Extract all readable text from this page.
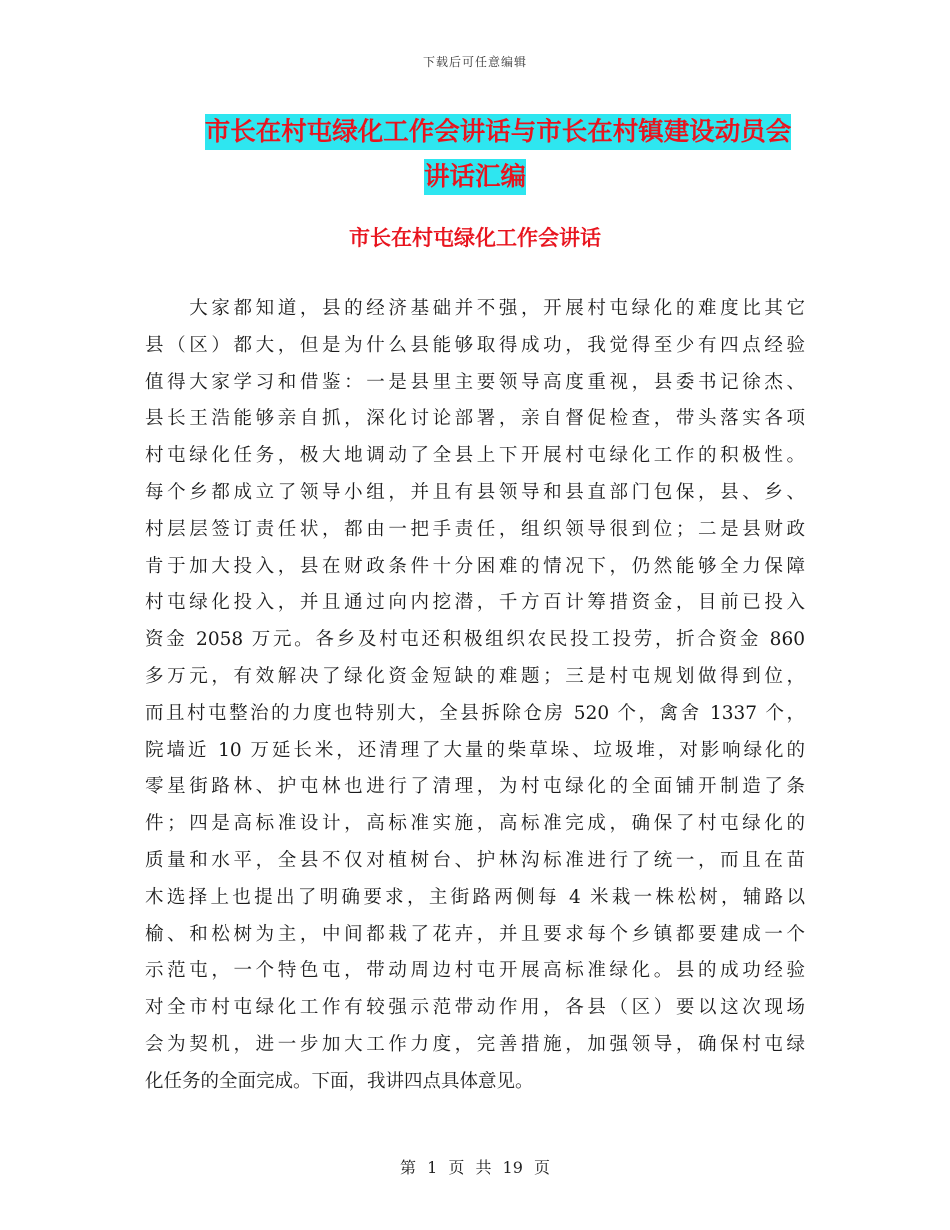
下载后可任意编辑
市长在村屯绿化工作会讲话与市长在村镇建设动员会
讲话汇编
市长在村屯绿化工作会讲话
　　大家都知道，县的经济基础并不强，开展村屯绿化的难度比其它
县（区）都大，但是为什么县能够取得成功，我觉得至少有四点经验
值得大家学习和借鉴：一是县里主要领导高度重视，县委书记徐杰、
县长王浩能够亲自抓，深化讨论部署，亲自督促检查，带头落实各项
村屯绿化任务，极大地调动了全县上下开展村屯绿化工作的积极性。
每个乡都成立了领导小组，并且有县领导和县直部门包保，县、乡、
村层层签订责任状，都由一把手责任，组织领导很到位；二是县财政
肯于加大投入，县在财政条件十分困难的情况下，仍然能够全力保障
村屯绿化投入，并且通过向内挖潜，千方百计筹措资金，目前已投入
资金 2058 万元。各乡及村屯还积极组织农民投工投劳，折合资金 860
多万元，有效解决了绿化资金短缺的难题；三是村屯规划做得到位，
而且村屯整治的力度也特别大，全县拆除仓房 520 个，禽舍 1337 个，
院墙近 10 万延长米，还清理了大量的柴草垛、垃圾堆，对影响绿化的
零星街路林、护屯林也进行了清理，为村屯绿化的全面铺开制造了条
件；四是高标准设计，高标准实施，高标准完成，确保了村屯绿化的
质量和水平，全县不仅对植树台、护林沟标准进行了统一，而且在苗
木选择上也提出了明确要求，主街路两侧每 4 米栽一株松树，辅路以
榆、和松树为主，中间都栽了花卉，并且要求每个乡镇都要建成一个
示范屯，一个特色屯，带动周边村屯开展高标准绿化。县的成功经验
对全市村屯绿化工作有较强示范带动作用，各县（区）要以这次现场
会为契机，进一步加大工作力度，完善措施，加强领导，确保村屯绿
化任务的全面完成。下面，我讲四点具体意见。
第 1 页 共 19 页
